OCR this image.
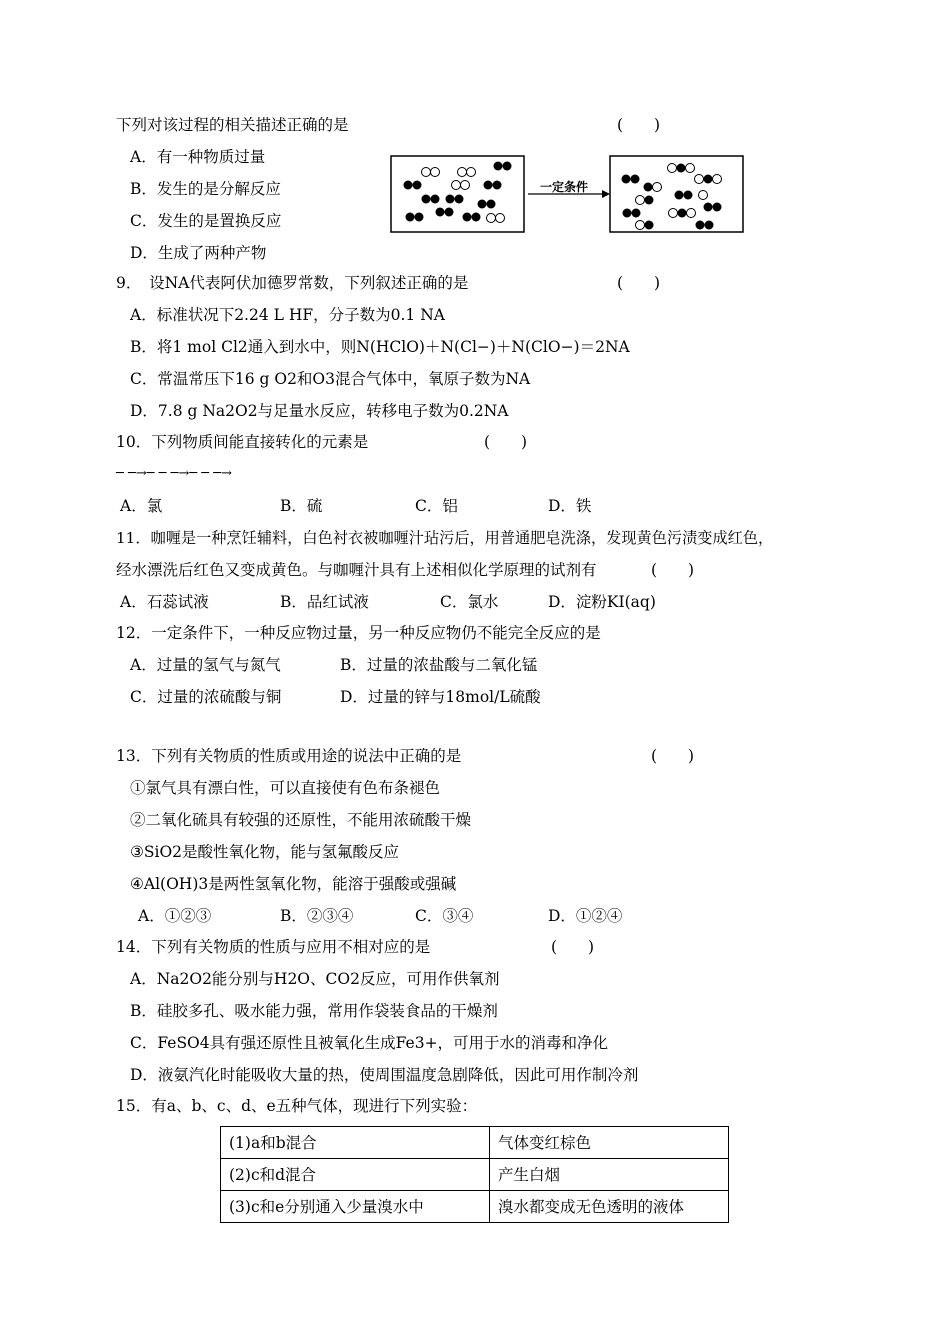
下列对该过程的相关描述正确的是	(　　)
A．有一种物质过量
B．发生的是分解反应
C．发生的是置换反应
D．生成了两种产物
一定条件
9．　设NA代表阿伏加德罗常数，下列叙述正确的是	(　　)
A．标准状况下2.24 L HF，分子数为0.1 NA
B．将1 mol Cl2通入到水中，则N(HClO)＋N(Cl−)＋N(ClO−)＝2NA
C．常温常压下16 g O2和O3混合气体中，氧原子数为NA
D．7.8 g Na2O2与足量水反应，转移电子数为0.2NA
10．下列物质间能直接转化的元素是	(　　)
─ ─→─ ─ ─→─ ─ ─→
A．氯	B．硫	C．铝	D．铁
11．咖喱是一种烹饪辅料，白色衬衣被咖喱汁玷污后，用普通肥皂洗涤，发现黄色污渍变成红色，
经水漂洗后红色又变成黄色。与咖喱汁具有上述相似化学原理的试剂有	(　　)
A．石蕊试液	B．品红试液	C．氯水	D．淀粉KI(aq)
12．一定条件下，一种反应物过量，另一种反应物仍不能完全反应的是
A．过量的氢气与氮气	B．过量的浓盐酸与二氧化锰
C．过量的浓硫酸与铜	D．过量的锌与18mol/L硫酸
13．下列有关物质的性质或用途的说法中正确的是	(　　)
①氯气具有漂白性，可以直接使有色布条褪色
②二氧化硫具有较强的还原性，不能用浓硫酸干燥
③SiO2是酸性氧化物，能与氢氟酸反应
④Al(OH)3是两性氢氧化物，能溶于强酸或强碱
A．①②③	B．②③④	C．③④	D．①②④
14．下列有关物质的性质与应用不相对应的是	(　　)
A．Na2O2能分别与H2O、CO2反应，可用作供氧剂
B．硅胶多孔、吸水能力强，常用作袋装食品的干燥剂
C．FeSO4具有强还原性且被氧化生成Fe3+，可用于水的消毒和净化
D．液氨汽化时能吸收大量的热，使周围温度急剧降低，因此可用作制冷剂
15．有a、b、c、d、e五种气体，现进行下列实验：
(1)a和b混合	气体变红棕色
(2)c和d混合	产生白烟
(3)c和e分别通入少量溴水中	溴水都变成无色透明的液体
